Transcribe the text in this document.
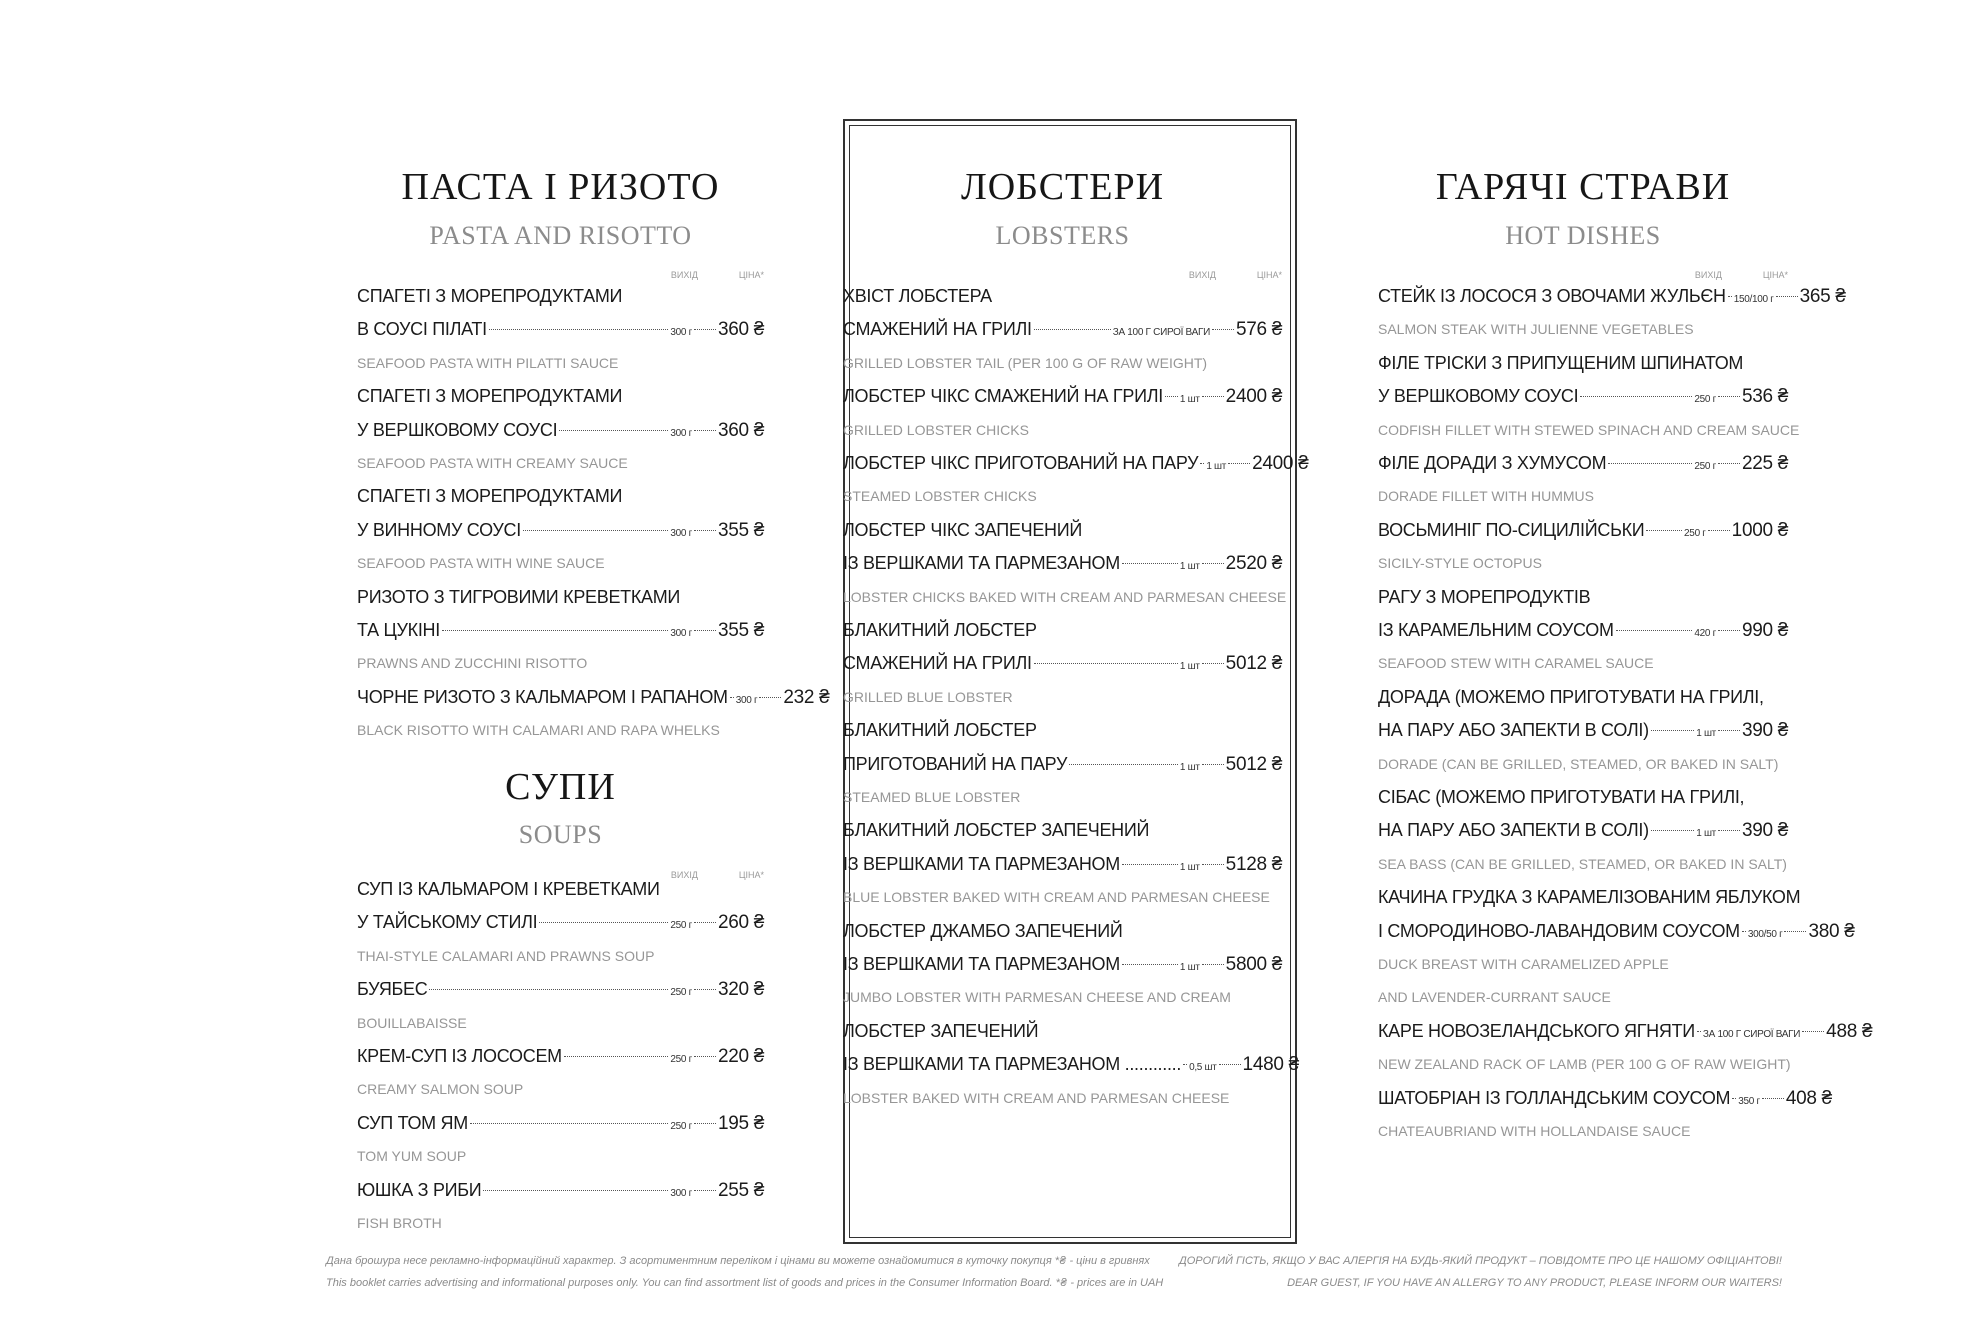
ПАСТА І РИЗОТО
PASTA AND RISOTTO
ВИХІД	ЦІНА*
СПАГЕТІ З МОРЕПРОДУКТАМИ
В СОУСІ ПІЛАТІ	300 г 360 ₴
SEAFOOD PASTA WITH PILATTI SAUCE
СПАГЕТІ З МОРЕПРОДУКТАМИ
У ВЕРШКОВОМУ СОУСІ	300 г 360 ₴
SEAFOOD PASTA WITH CREAMY SAUCE
СПАГЕТІ З МОРЕПРОДУКТАМИ
У ВИННОМУ СОУСІ	300 г 355 ₴
SEAFOOD PASTA WITH WINE SAUCE
РИЗОТО З ТИГРОВИМИ КРЕВЕТКАМИ
ТА ЦУКІНІ	300 г 355 ₴
PRAWNS AND ZUCCHINI RISOTTO
ЧОРНЕ РИЗОТО З КАЛЬМАРОМ І РАПАНОМ 300 г 232 ₴
BLACK RISOTTO WITH CALAMARI AND RAPA WHELKS
СУПИ
SOUPS
ВИХІД	ЦІНА*
СУП ІЗ КАЛЬМАРОМ І КРЕВЕТКАМИ
У ТАЙСЬКОМУ СТИЛІ	250 г 260 ₴
THAI-STYLE CALAMARI AND PRAWNS SOUP
БУЯБЕС	250 г 320 ₴
BOUILLABAISSE
КРЕМ-СУП ІЗ ЛОСОСЕМ	250 г 220 ₴
CREAMY SALMON SOUP
СУП ТОМ ЯМ	250 г 195 ₴
TOM YUM SOUP
ЮШКА З РИБИ	300 г 255 ₴
FISH BROTH
ЛОБСТЕРИ
LOBSTERS
ВИХІД	ЦІНА*
ХВІСТ ЛОБСТЕРА
СМАЖЕНИЙ НА ГРИЛІ	ЗА 100 Г СИРОЇ ВАГИ 576 ₴
GRILLED LOBSTER TAIL (PER 100 G OF RAW WEIGHT)
ЛОБСТЕР ЧІКС СМАЖЕНИЙ НА ГРИЛІ 1 шт 2400 ₴
GRILLED LOBSTER CHICKS
ЛОБСТЕР ЧІКС ПРИГОТОВАНИЙ НА ПАРУ 1 шт 2400 ₴
STEAMED LOBSTER CHICKS
ЛОБСТЕР ЧІКС ЗАПЕЧЕНИЙ
ІЗ ВЕРШКАМИ ТА ПАРМЕЗАНОМ	1 шт 2520 ₴
LOBSTER CHICKS BAKED WITH CREAM AND PARMESAN CHEESE
БЛАКИТНИЙ ЛОБСТЕР
СМАЖЕНИЙ НА ГРИЛІ	1 шт 5012 ₴
GRILLED BLUE LOBSTER
БЛАКИТНИЙ ЛОБСТЕР
ПРИГОТОВАНИЙ НА ПАРУ	1 шт 5012 ₴
STEAMED BLUE LOBSTER
БЛАКИТНИЙ ЛОБСТЕР ЗАПЕЧЕНИЙ
ІЗ ВЕРШКАМИ ТА ПАРМЕЗАНОМ	1 шт 5128 ₴
BLUE LOBSTER BAKED WITH CREAM AND PARMESAN CHEESE
ЛОБСТЕР ДЖАМБО ЗАПЕЧЕНИЙ
ІЗ ВЕРШКАМИ ТА ПАРМЕЗАНОМ	1 шт 5800 ₴
JUMBO LOBSTER WITH PARMESAN CHEESE AND CREAM
ЛОБСТЕР ЗАПЕЧЕНИЙ
ІЗ ВЕРШКАМИ ТА ПАРМЕЗАНОМ ............ 0,5 шт 1480 ₴
LOBSTER BAKED WITH CREAM AND PARMESAN CHEESE
ГАРЯЧІ СТРАВИ
HOT DISHES
ВИХІД	ЦІНА*
СТЕЙК ІЗ ЛОСОСЯ З ОВОЧАМИ ЖУЛЬЄН 150/100 г 365 ₴
SALMON STEAK WITH JULIENNE VEGETABLES
ФІЛЕ ТРІСКИ З ПРИПУЩЕНИМ ШПИНАТОМ
У ВЕРШКОВОМУ СОУСІ	250 г 536 ₴
CODFISH FILLET WITH STEWED SPINACH AND CREAM SAUCE
ФІЛЕ ДОРАДИ З ХУМУСОМ	250 г 225 ₴
DORADE FILLET WITH HUMMUS
ВОСЬМИНІГ ПО-СИЦИЛІЙСЬКИ	250 г 1000 ₴
SICILY-STYLE OCTOPUS
РАГУ З МОРЕПРОДУКТІВ
ІЗ КАРАМЕЛЬНИМ СОУСОМ	420 г 990 ₴
SEAFOOD STEW WITH CARAMEL SAUCE
ДОРАДА (МОЖЕМО ПРИГОТУВАТИ НА ГРИЛІ,
НА ПАРУ АБО ЗАПЕКТИ В СОЛІ)	1 шт 390 ₴
DORADE (CAN BE GRILLED, STEAMED, OR BAKED IN SALT)
СІБАС (МОЖЕМО ПРИГОТУВАТИ НА ГРИЛІ,
НА ПАРУ АБО ЗАПЕКТИ В СОЛІ)	1 шт 390 ₴
SEA BASS (CAN BE GRILLED, STEAMED, OR BAKED IN SALT)
КАЧИНА ГРУДКА З КАРАМЕЛІЗОВАНИМ ЯБЛУКОМ
І СМОРОДИНОВО-ЛАВАНДОВИМ СОУСОМ 300/50 г 380 ₴
DUCK BREAST WITH CARAMELIZED APPLE
AND LAVENDER-CURRANT SAUCE
КАРЕ НОВОЗЕЛАНДСЬКОГО ЯГНЯТИ ЗА 100 Г СИРОЇ ВАГИ 488 ₴
NEW ZEALAND RACK OF LAMB (PER 100 G OF RAW WEIGHT)
ШАТОБРІАН ІЗ ГОЛЛАНДСЬКИМ СОУСОМ 350 г 408 ₴
CHATEAUBRIAND WITH HOLLANDAISE SAUCE
Дана брошура несе рекламно-інформаційний характер. З асортиментним переліком і цінами ви можете ознайомитися в куточку покупця *₴ - ціни в гривнях
This booklet carries advertising and informational purposes only. You can find assortment list of goods and prices in the Consumer Information Board. *₴ - prices are in UAH
ДОРОГИЙ ГІСТЬ, ЯКЩО У ВАС АЛЕРГІЯ НА БУДЬ-ЯКИЙ ПРОДУКТ – ПОВІДОМТЕ ПРО ЦЕ НАШОМУ ОФІЦІАНТОВІ!
DEAR GUEST, IF YOU HAVE AN ALLERGY TO ANY PRODUCT, PLEASE INFORM OUR WAITERS!
